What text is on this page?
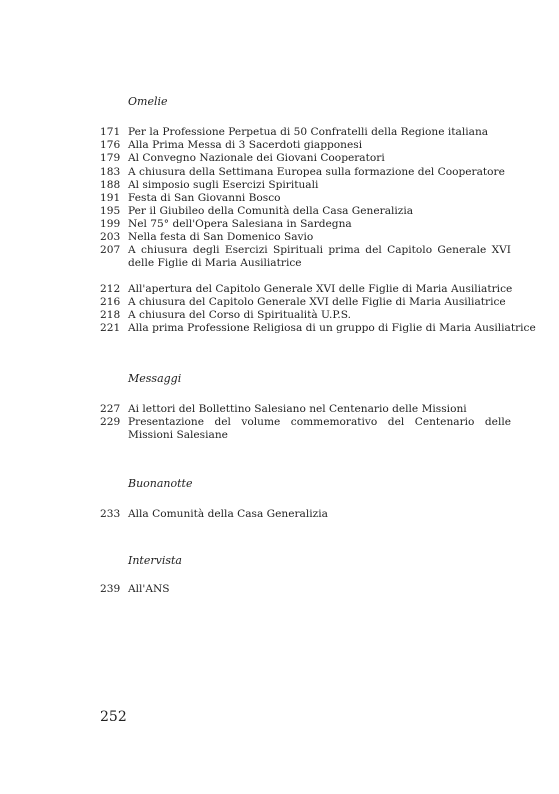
Omelie
171 Per la Professione Perpetua di 50 Confratelli della Regione italiana
176 Alla Prima Messa di 3 Sacerdoti giapponesi
179 Al Convegno Nazionale dei Giovani Cooperatori
183 A chiusura della Settimana Europea sulla formazione del Cooperatore
188 Al simposio sugli Esercizi Spirituali
191 Festa di San Giovanni Bosco
195 Per il Giubileo della Comunità della Casa Generalizia
199 Nel 75° dell'Opera Salesiana in Sardegna
203 Nella festa di San Domenico Savio
207 A chiusura degli Esercizi Spirituali prima del Capitolo Generale XVI delle Figlie di Maria Ausiliatrice
212 All'apertura del Capitolo Generale XVI delle Figlie di Maria Ausiliatrice
216 A chiusura del Capitolo Generale XVI delle Figlie di Maria Ausiliatrice
218 A chiusura del Corso di Spiritualità U.P.S.
221 Alla prima Professione Religiosa di un gruppo di Figlie di Maria Ausiliatrice
Messaggi
227 Ai lettori del Bollettino Salesiano nel Centenario delle Missioni
229 Presentazione del volume commemorativo del Centenario delle Missioni Salesiane
Buonanotte
233 Alla Comunità della Casa Generalizia
Intervista
239 All'ANS
252
